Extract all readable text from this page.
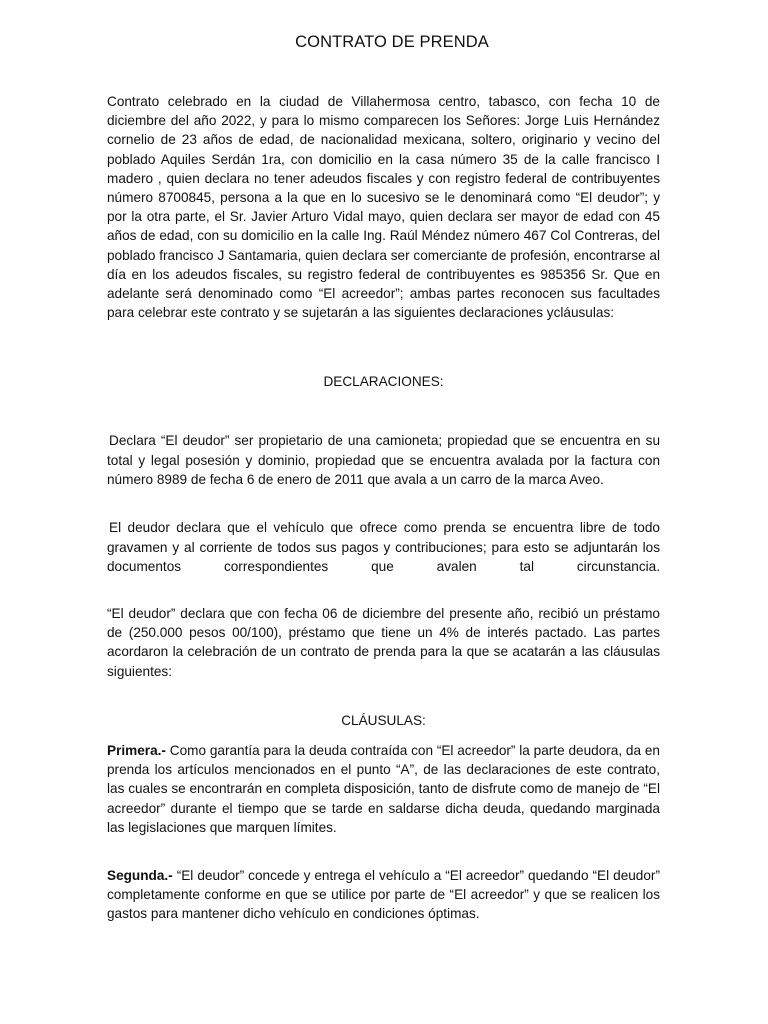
CONTRATO DE PRENDA

Contrato celebrado en la ciudad de Villahermosa centro, tabasco, con fecha 10 de diciembre del año 2022, y para lo mismo comparecen los Señores: Jorge Luis Hernández cornelio de 23 años de edad, de nacionalidad mexicana, soltero, originario y vecino del poblado Aquiles Serdán 1ra, con domicilio en la casa número 35 de la calle francisco I madero , quien declara no tener adeudos fiscales y con registro federal de contribuyentes número 8700845, persona a la que en lo sucesivo se le denominará como “El deudor”; y por la otra parte, el Sr. Javier Arturo Vidal mayo, quien declara ser mayor de edad con 45 años de edad, con su domicilio en la calle Ing. Raúl Méndez número 467 Col Contreras, del poblado francisco J Santamaria, quien declara ser comerciante de profesión, encontrarse al día en los adeudos fiscales, su registro federal de contribuyentes es 985356 Sr. Que en adelante será denominado como “El acreedor”; ambas partes reconocen sus facultades para celebrar este contrato y se sujetarán a las siguientes declaraciones ycláusulas:

DECLARACIONES:

Declara “El deudor” ser propietario de una camioneta; propiedad que se encuentra en su total y legal posesión y dominio, propiedad que se encuentra avalada por la factura con número 8989 de fecha 6 de enero de 2011 que avala a un carro de la marca Aveo.

El deudor declara que el vehículo que ofrece como prenda se encuentra libre de todo gravamen y al corriente de todos sus pagos y contribuciones; para esto se adjuntarán los documentos correspondientes que avalen tal circunstancia.

“El deudor” declara que con fecha 06 de diciembre del presente año, recibió un préstamo de (250.000 pesos 00/100), préstamo que tiene un 4% de interés pactado. Las partes acordaron la celebración de un contrato de prenda para la que se acatarán a las cláusulas siguientes:

CLÁUSULAS:

Primera.- Como garantía para la deuda contraída con “El acreedor” la parte deudora, da en prenda los artículos mencionados en el punto “A”, de las declaraciones de este contrato, las cuales se encontrarán en completa disposición, tanto de disfrute como de manejo de “El acreedor” durante el tiempo que se tarde en saldarse dicha deuda, quedando marginada las legislaciones que marquen límites.

Segunda.- “El deudor” concede y entrega el vehículo a “El acreedor” quedando “El deudor” completamente conforme en que se utilice por parte de “El acreedor” y que se realicen los gastos para mantener dicho vehículo en condiciones óptimas.
